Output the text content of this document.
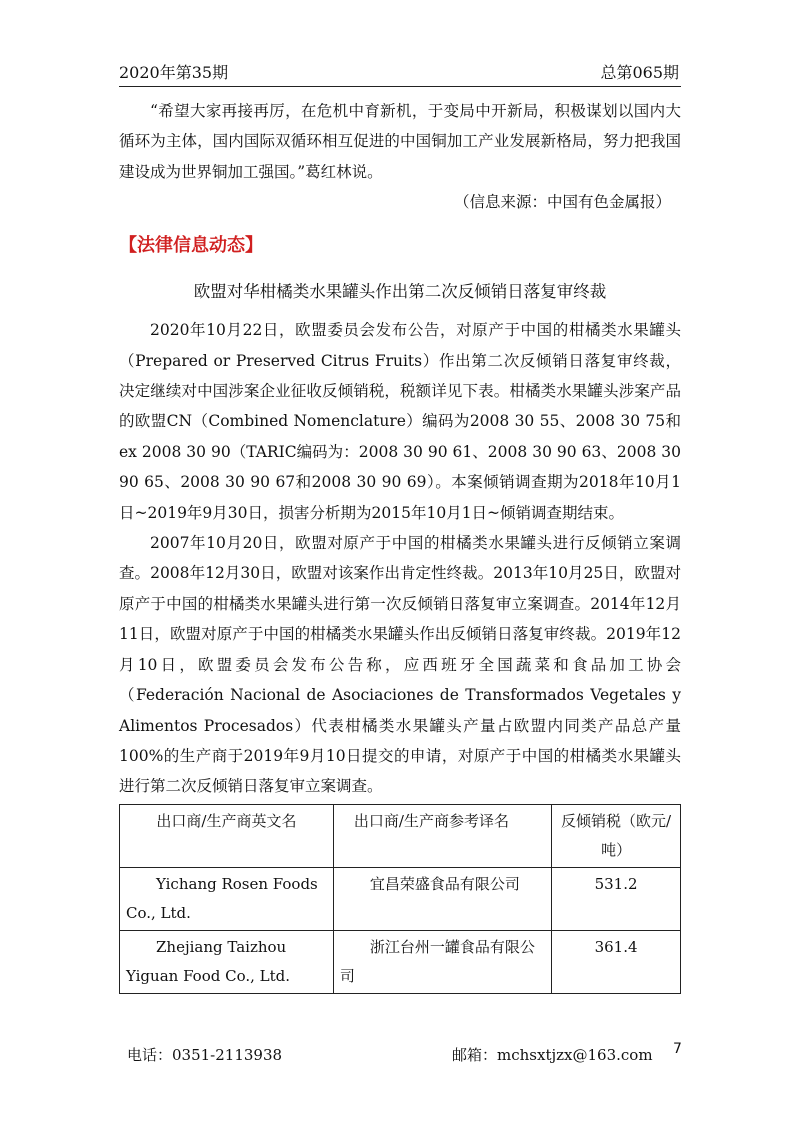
2020年第35期	总第065期

“希望大家再接再厉，在危机中育新机，于变局中开新局，积极谋划以国内大循环为主体，国内国际双循环相互促进的中国铜加工产业发展新格局，努力把我国建设成为世界铜加工强国。”葛红林说。

（信息来源：中国有色金属报）

【法律信息动态】

欧盟对华柑橘类水果罐头作出第二次反倾销日落复审终裁

2020年10月22日，欧盟委员会发布公告，对原产于中国的柑橘类水果罐头（Prepared or Preserved Citrus Fruits）作出第二次反倾销日落复审终裁，决定继续对中国涉案企业征收反倾销税，税额详见下表。柑橘类水果罐头涉案产品的欧盟CN（Combined Nomenclature）编码为2008 30 55、2008 30 75和ex 2008 30 90（TARIC编码为：2008 30 90 61、2008 30 90 63、2008 30 90 65、2008 30 90 67和2008 30 90 69）。本案倾销调查期为2018年10月1日~2019年9月30日，损害分析期为2015年10月1日~倾销调查期结束。

2007年10月20日，欧盟对原产于中国的柑橘类水果罐头进行反倾销立案调查。2008年12月30日，欧盟对该案作出肯定性终裁。2013年10月25日，欧盟对原产于中国的柑橘类水果罐头进行第一次反倾销日落复审立案调查。2014年12月11日，欧盟对原产于中国的柑橘类水果罐头作出反倾销日落复审终裁。2019年12月10日，欧盟委员会发布公告称，应西班牙全国蔬菜和食品加工协会（Federación Nacional de Asociaciones de Transformados Vegetales y Alimentos Procesados）代表柑橘类水果罐头产量占欧盟内同类产品总产量100%的生产商于2019年9月10日提交的申请，对原产于中国的柑橘类水果罐头进行第二次反倾销日落复审立案调查。

出口商/生产商英文名	出口商/生产商参考译名	反倾销税（欧元/吨）
Yichang Rosen Foods Co., Ltd.	宜昌荣盛食品有限公司	531.2
Zhejiang Taizhou Yiguan Food Co., Ltd.	浙江台州一罐食品有限公司	361.4
电话：0351-2113938	邮箱：mchsxtjzx@163.com 7
